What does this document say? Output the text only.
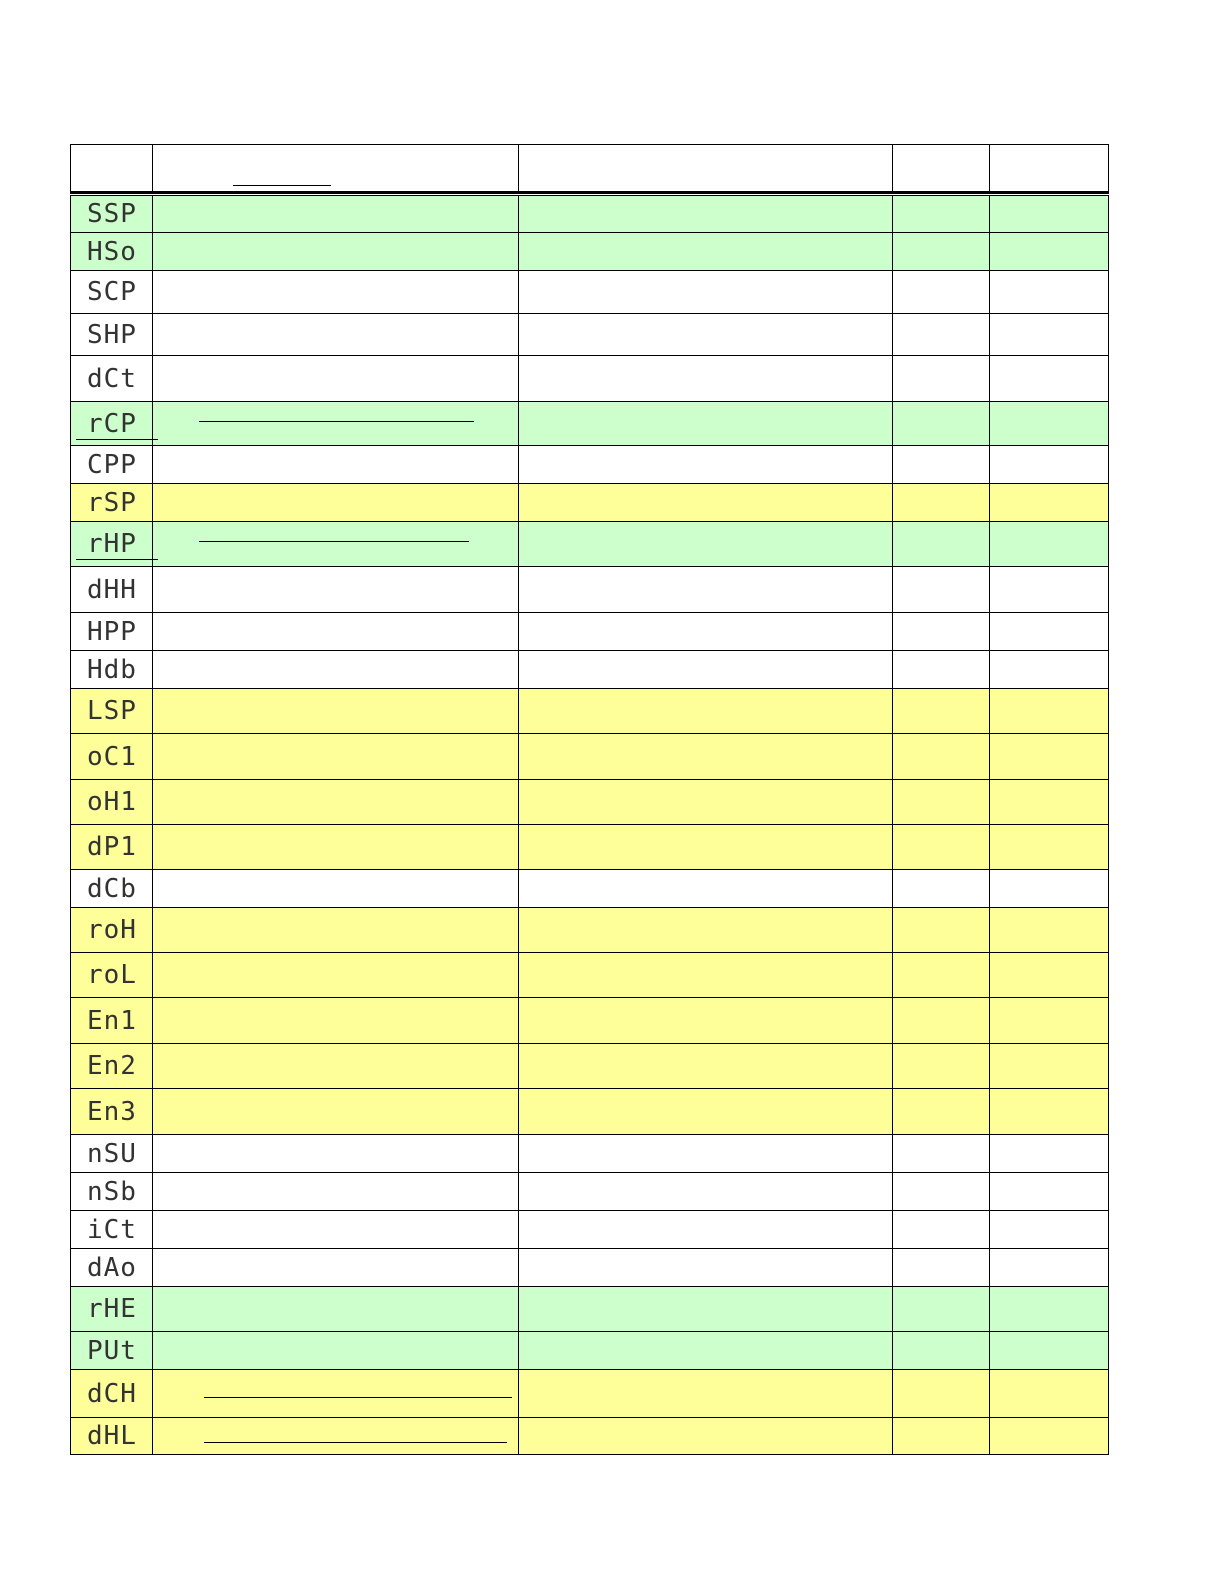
SSP
HSo
SCP
SHP
dCt
rCP
CPP
rSP
rHP
dHH
HPP
Hdb
LSP
oC1
oH1
dP1
dCb
roH
roL
En1
En2
En3
nSU
nSb
iCt
dAo
rHE
PUt
dCH
dHL
